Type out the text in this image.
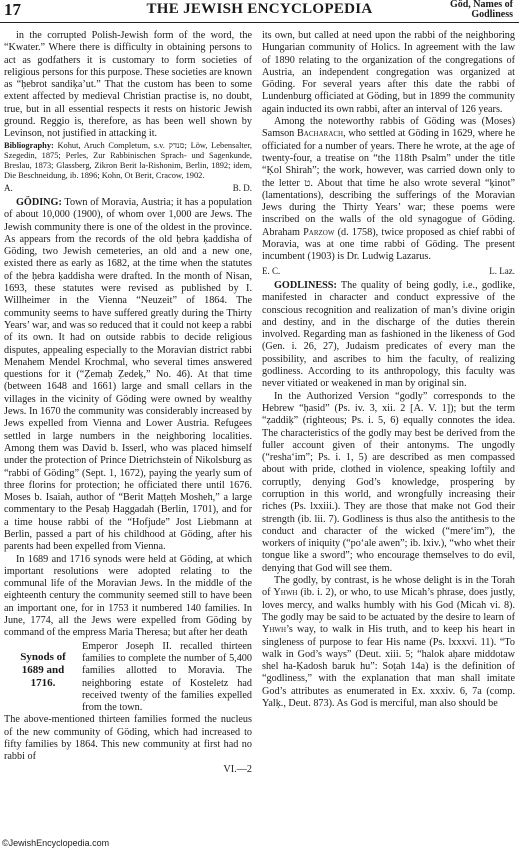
17	THE JEWISH ENCYCLOPEDIA	Göd, Names of
Godliness

in the corrupted Polish-Jewish form of the word, the “Kwater.” Where there is difficulty in obtaining persons to act as godfathers it is customary to form societies of religious persons for this purpose. These societies are known as “ḥebrot sandiḳa’ut.” That the custom has been to some extent affected by medieval Christian practise is, no doubt, true, but in all essential respects it rests on historic Jewish ground. Reggio is, therefore, as has been well shown by Levinson, not justified in attacking it.

Bibliography: Kohut, Aruch Completum, s.v. סנדק; Löw, Lebensalter, Szegedin, 1875; Perles, Zur Rabbinischen Sprach- und Sagenkunde, Breslau, 1873; Glassberg, Zikron Berit la-Rishonim, Berlin, 1892; idem, Die Beschneidung, ib. 1896; Kohn, Ot Berit, Cracow, 1902.

A.	B. D.

GÖDING: Town of Moravia, Austria; it has a population of about 10,000 (1900), of whom over 1,000 are Jews. The Jewish community there is one of the oldest in the province. As appears from the records of the old ḥebra ḳaddisha of Göding, two Jewish cemeteries, an old and a new one, existed there as early as 1682, at the time when the statutes of the ḥebra ḳaddisha were drafted. In the month of Nisan, 1693, these statutes were revised as published by I. Willheimer in the Vienna “Neuzeit” of 1864. The community seems to have suffered greatly during the Thirty Years’ war, and was so reduced that it could not keep a rabbi of its own. It had on outside rabbis to decide religious disputes, appealing especially to the Moravian district rabbi Menahem Mendel Krochmal, who several times answered questions for it (“Ẓemaḥ Ẓedeḳ,” No. 46). At that time (between 1648 and 1661) large and small cellars in the villages in the vicinity of Göding were owned by wealthy Jews. In 1670 the community was considerably increased by Jews expelled from Vienna and Lower Austria. Refugees settled in large numbers in the neighboring localities. Among them was David b. Isserl, who was placed himself under the protection of Prince Dietrichstein of Nikolsburg as “rabbi of Göding” (Sept. 1, 1672), paying the yearly sum of three florins for protection; he officiated there until 1676. Moses b. Isaiah, author of “Berit Maṭṭeh Mosheh,” a large commentary to the Pesaḥ Haggadah (Berlin, 1701), and for a time house rabbi of the “Hofjude” Jost Liebmann at Berlin, passed a part of his childhood at Göding, after his parents had been expelled from Vienna.

In 1689 and 1716 synods were held at Göding, at which important resolutions were adopted relating to the communal life of the Moravian Jews. In the middle of the eighteenth century the community seemed still to have been an important one, for in 1753 it numbered 140 families. In June, 1774, all the Jews were expelled from Göding by command of the empress Maria Theresa; but after her death

Synods of
1689 and
1716.
Emperor Joseph II. recalled thirteen families to complete the number of 5,400 families allotted to Moravia. The neighboring estate of Kosteletz had received twenty of the families expelled from the town.

The above-mentioned thirteen families formed the nucleus of the new community of Göding, which had increased to fifty families by 1864. This new community at first had no rabbi of

VI.—2

its own, but called at need upon the rabbi of the neighboring Hungarian community of Holics. In agreement with the law of 1890 relating to the organization of the congregations of Austria, an independent congregation was organized at Göding. For several years after this date the rabbi of Lundenburg officiated at Göding, but in 1899 the community again inducted its own rabbi, after an interval of 126 years.

Among the noteworthy rabbis of Göding was (Moses) Samson Bacharach, who settled at Göding in 1629, where he officiated for a number of years. There he wrote, at the age of twenty-four, a treatise on “the 118th Psalm” under the title “Ḳol Shirah”; the work, however, was carried down only to the letter ט. About that time he also wrote several “ḳinot” (lamentations), describing the sufferings of the Moravian Jews during the Thirty Years’ war; these poems were inscribed on the walls of the old synagogue of Göding. Abraham Parzow (d. 1758), twice proposed as chief rabbi of Moravia, was at one time rabbi of Göding. The present incumbent (1903) is Dr. Ludwig Lazarus.

E. C.	L. Laz.

GODLINESS: The quality of being godly, i.e., godlike, manifested in character and conduct expressive of the conscious recognition and realization of man’s divine origin and destiny, and in the discharge of the duties therein involved. Regarding man as fashioned in the likeness of God (Gen. i. 26, 27), Judaism predicates of every man the possibility, and ascribes to him the faculty, of realizing godliness. According to its anthropology, this faculty was never vitiated or weakened in man by original sin.

In the Authorized Version “godly” corresponds to the Hebrew “ḥasid” (Ps. iv. 3, xii. 2 [A. V. 1]); but the term “ẓaddiḳ” (righteous; Ps. i. 5, 6) equally connotes the idea. The characteristics of the godly may best be derived from the fuller account given of their antonyms. The ungodly (“resha‘im”; Ps. i. 1, 5) are described as men compassed about with pride, clothed in violence, speaking loftily and corruptly, denying God’s knowledge, prospering by corruption in this world, and wrongfully increasing their riches (Ps. lxxiii.). They are those that make not God their strength (ib. lii. 7). Godliness is thus also the antithesis to the conduct and character of the wicked (“mere‘im”), the workers of iniquity (“po‘ale awen”; ib. lxiv.), “who whet their tongue like a sword”; who encourage themselves to do evil, denying that God will see them.

The godly, by contrast, is he whose delight is in the Torah of Yhwh (ib. i. 2), or who, to use Micah’s phrase, does justly, loves mercy, and walks humbly with his God (Micah vi. 8). The godly may be said to be actuated by the desire to learn of Yhwh’s way, to walk in His truth, and to keep his heart in singleness of purpose to fear His name (Ps. lxxxvi. 11). “To walk in God’s ways” (Deut. xiii. 5; “halok aḥare middotaw shel ha-Ḳadosh baruk hu”: Soṭah 14a) is the definition of “godliness,” with the explanation that man shall imitate God’s attributes as enumerated in Ex. xxxiv. 6, 7a (comp. Yalḳ., Deut. 873). As God is merciful, man also should be

©JewishEncyclopedia.com
